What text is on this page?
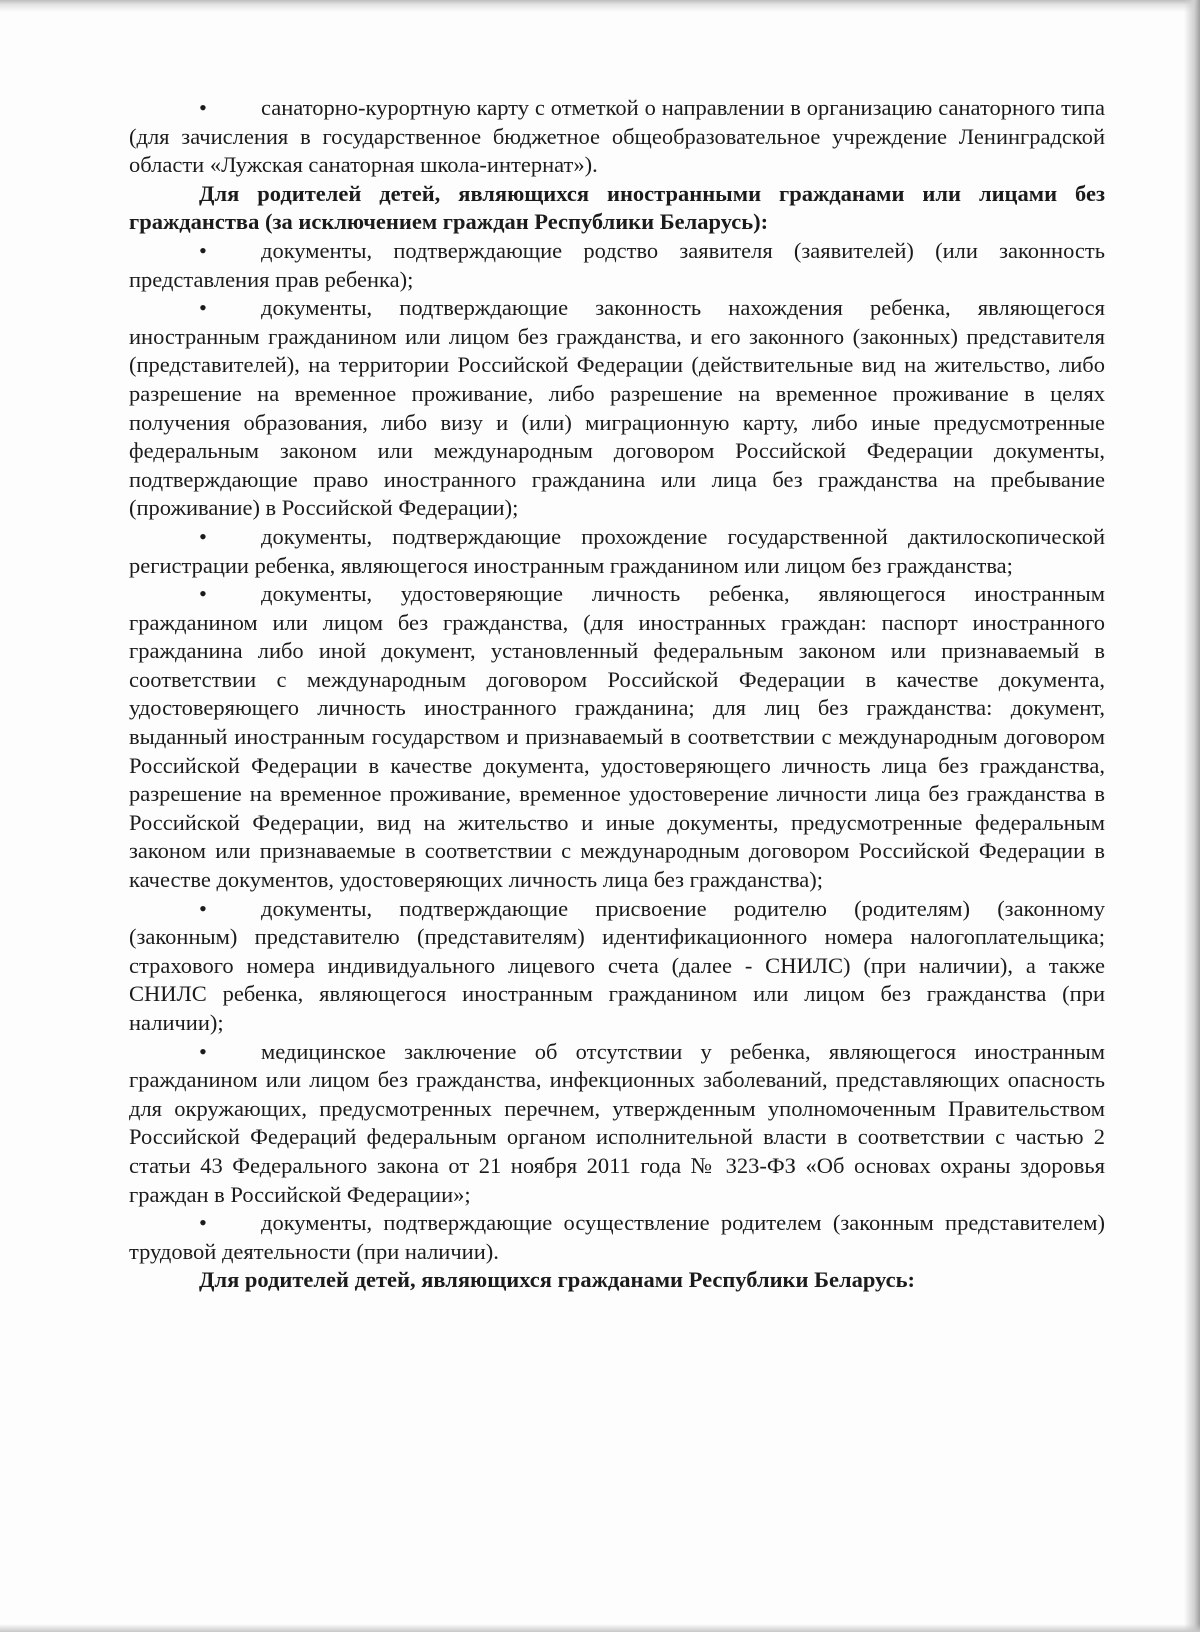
• санаторно-курортную карту с отметкой о направлении в организацию санаторного типа (для зачисления в государственное бюджетное общеобразовательное учреждение Ленинградской области «Лужская санаторная школа-интернат»).

Для родителей детей, являющихся иностранными гражданами или лицами без гражданства (за исключением граждан Республики Беларусь):

• документы, подтверждающие родство заявителя (заявителей) (или законность представления прав ребенка);

• документы, подтверждающие законность нахождения ребенка, являющегося иностранным гражданином или лицом без гражданства, и его законного (законных) представителя (представителей), на территории Российской Федерации (действительные вид на жительство, либо разрешение на временное проживание, либо разрешение на временное проживание в целях получения образования, либо визу и (или) миграционную карту, либо иные предусмотренные федеральным законом или международным договором Российской Федерации документы, подтверждающие право иностранного гражданина или лица без гражданства на пребывание (проживание) в Российской Федерации);

• документы, подтверждающие прохождение государственной дактилоскопической регистрации ребенка, являющегося иностранным гражданином или лицом без гражданства;

• документы, удостоверяющие личность ребенка, являющегося иностранным гражданином или лицом без гражданства, (для иностранных граждан: паспорт иностранного гражданина либо иной документ, установленный федеральным законом или признаваемый в соответствии с международным договором Российской Федерации в качестве документа, удостоверяющего личность иностранного гражданина; для лиц без гражданства: документ, выданный иностранным государством и признаваемый в соответствии с международным договором Российской Федерации в качестве документа, удостоверяющего личность лица без гражданства, разрешение на временное проживание, временное удостоверение личности лица без гражданства в Российской Федерации, вид на жительство и иные документы, предусмотренные федеральным законом или признаваемые в соответствии с международным договором Российской Федерации в качестве документов, удостоверяющих личность лица без гражданства);

• документы, подтверждающие присвоение родителю (родителям) (законному (законным) представителю (представителям) идентификационного номера налогоплательщика; страхового номера индивидуального лицевого счета (далее - СНИЛС) (при наличии), а также СНИЛС ребенка, являющегося иностранным гражданином или лицом без гражданства (при наличии);

• медицинское заключение об отсутствии у ребенка, являющегося иностранным гражданином или лицом без гражданства, инфекционных заболеваний, представляющих опасность для окружающих, предусмотренных перечнем, утвержденным уполномоченным Правительством Российской Федераций федеральным органом исполнительной власти в соответствии с частью 2 статьи 43 Федерального закона от 21 ноября 2011 года № 323-ФЗ «Об основах охраны здоровья граждан в Российской Федерации»;

• документы, подтверждающие осуществление родителем (законным представителем) трудовой деятельности (при наличии).

Для родителей детей, являющихся гражданами Республики Беларусь:
